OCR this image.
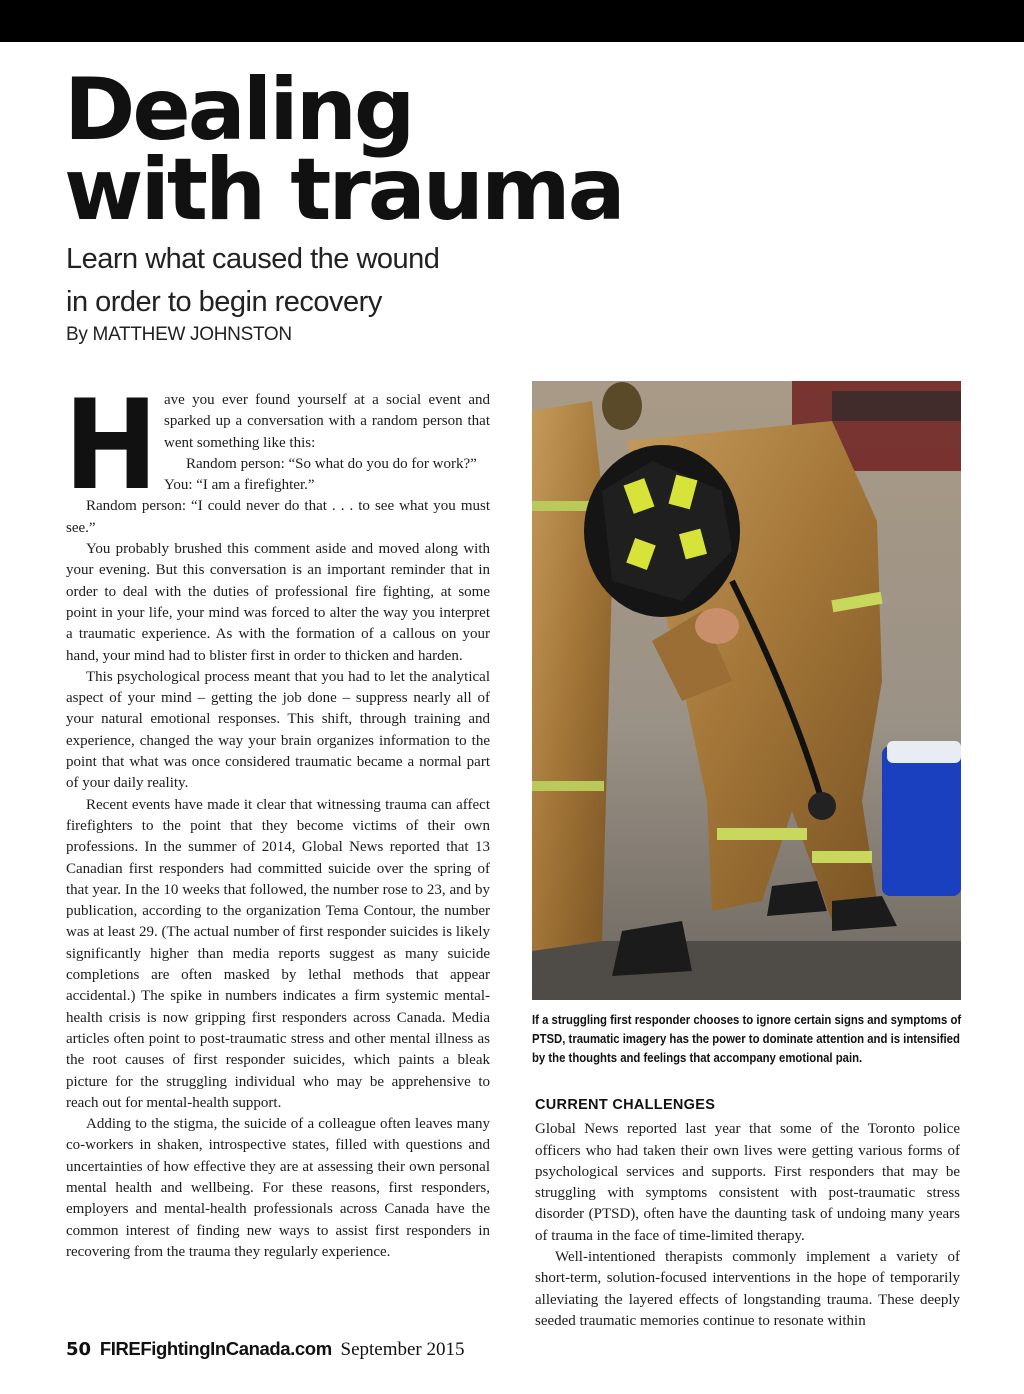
Dealing
with trauma
Learn what caused the wound
in order to begin recovery
By MATTHEW JOHNSTON
H ave you ever found yourself at a social event and sparked up a conversation with a random person that went something like this:

Random person: “So what do you do for work?”

You: “I am a firefighter.”

Random person: “I could never do that . . . to see what you must see.”

You probably brushed this comment aside and moved along with your evening. But this conversation is an important reminder that in order to deal with the duties of professional fire fighting, at some point in your life, your mind was forced to alter the way you interpret a traumatic experience. As with the formation of a callous on your hand, your mind had to blister first in order to thicken and harden.

This psychological process meant that you had to let the analytical aspect of your mind – getting the job done – suppress nearly all of your natural emotional responses. This shift, through training and experience, changed the way your brain organizes information to the point that what was once considered traumatic became a normal part of your daily reality.

Recent events have made it clear that witnessing trauma can affect firefighters to the point that they become victims of their own professions. In the summer of 2014, Global News reported that 13 Canadian first responders had committed suicide over the spring of that year. In the 10 weeks that followed, the number rose to 23, and by publication, according to the organization Tema Contour, the number was at least 29. (The actual number of first responder suicides is likely significantly higher than media reports suggest as many suicide completions are often masked by lethal methods that appear accidental.) The spike in numbers indicates a firm systemic mental-health crisis is now gripping first responders across Canada. Media articles often point to post-traumatic stress and other mental illness as the root causes of first responder suicides, which paints a bleak picture for the struggling individual who may be apprehensive to reach out for mental-health support.

Adding to the stigma, the suicide of a colleague often leaves many co-workers in shaken, introspective states, filled with questions and uncertainties of how effective they are at assessing their own personal mental health and wellbeing. For these reasons, first responders, employers and mental-health professionals across Canada have the common interest of finding new ways to assist first responders in recovering from the trauma they regularly experience.

If a struggling first responder chooses to ignore certain signs and symptoms of PTSD, traumatic imagery has the power to dominate attention and is intensified by the thoughts and feelings that accompany emotional pain.
CURRENT CHALLENGES

Global News reported last year that some of the Toronto police officers who had taken their own lives were getting various forms of psychological services and supports. First responders that may be struggling with symptoms consistent with post-traumatic stress disorder (PTSD), often have the daunting task of undoing many years of trauma in the face of time-limited therapy.

Well-intentioned therapists commonly implement a variety of short-term, solution-focused interventions in the hope of temporarily alleviating the layered effects of longstanding trauma. These deeply seeded traumatic memories continue to resonate within

50 FIREFightingInCanada.com September 2015
